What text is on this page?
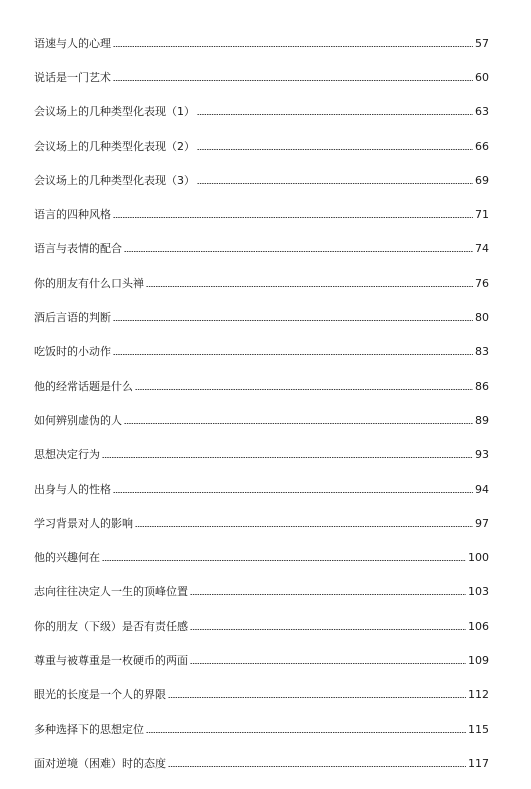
语速与人的心理	57
说话是一门艺术	60
会议场上的几种类型化表现（1）	63
会议场上的几种类型化表现（2）	66
会议场上的几种类型化表现（3）	69
语言的四种风格	71
语言与表情的配合	74
你的朋友有什么口头禅	76
酒后言语的判断	80
吃饭时的小动作	83
他的经常话题是什么	86
如何辨别虚伪的人	89
思想决定行为	93
出身与人的性格	94
学习背景对人的影响	97
他的兴趣何在	100
志向往往决定人一生的顶峰位置	103
你的朋友（下级）是否有责任感	106
尊重与被尊重是一枚硬币的两面	109
眼光的长度是一个人的界限	112
多种选择下的思想定位	115
面对逆境（困难）时的态度	117
